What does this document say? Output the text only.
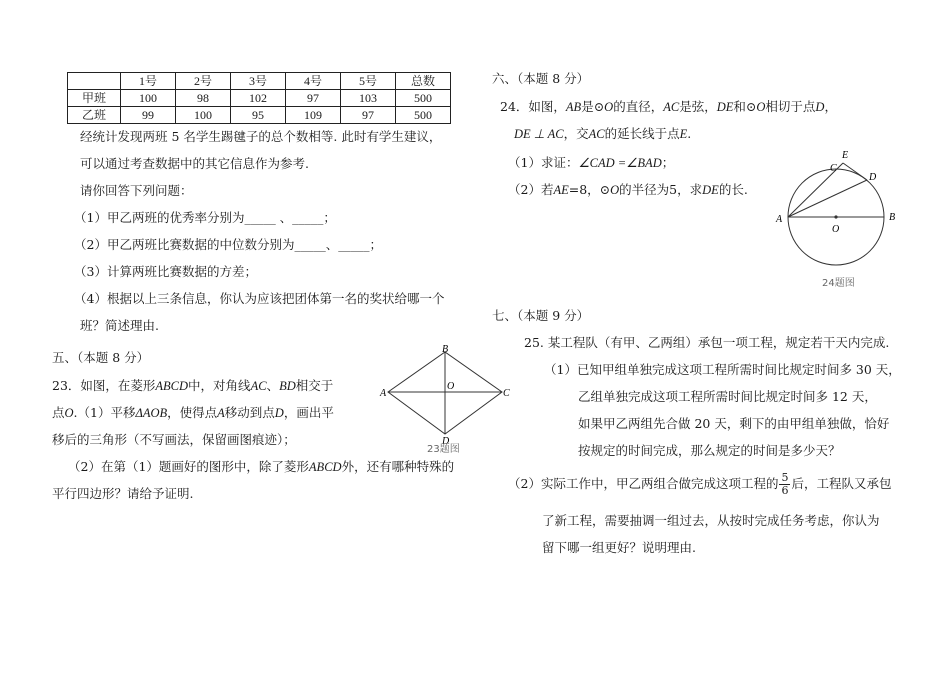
	1号	2号	3号	4号	5号	总数
甲班	100	98	102	97	103	500
乙班	99	100	95	109	97	500
经统计发现两班 5 名学生踢毽子的总个数相等. 此时有学生建议，
可以通过考查数据中的其它信息作为参考.
请你回答下列问题：
（1）甲乙两班的优秀率分别为_____ 、_____；
（2）甲乙两班比赛数据的中位数分别为_____、_____；
（3）计算两班比赛数据的方差；
（4）根据以上三条信息，你认为应该把团体第一名的奖状给哪一个
班？简述理由.
五、（本题 8 分）
23．如图，在菱形ABCD中，对角线AC、BD相交于
点O.（1）平移ΔAOB，使得点A移动到点D，画出平
移后的三角形（不写画法，保留画图痕迹）；
（2）在第（1）题画好的图形中，除了菱形ABCD外，还有哪种特殊的
平行四边形？请给予证明.
A
B
C
D
O
23题图
六、（本题 8 分）
24．如图，AB是⊙O的直径，AC是弦，DE和⊙O相切于点D，
DE ⊥ AC，交AC的延长线于点E.
（1）求证：∠CAD =∠BAD；
（2）若AE=8，⊙O的半径为5，求DE的长.
A	B
C
D
E
O
24题图
七、（本题 9 分）
25. 某工程队（有甲、乙两组）承包一项工程，规定若干天内完成.
（1）已知甲组单独完成这项工程所需时间比规定时间多 30 天，
乙组单独完成这项工程所需时间比规定时间多 12 天，
如果甲乙两组先合做 20 天，剩下的由甲组单独做，恰好
按规定的时间完成，那么规定的时间是多少天？
（2）实际工作中，甲乙两组合做完成这项工程的 $\frac{5}{6}$ 后，工程队又承包
了新工程，需要抽调一组过去，从按时完成任务考虑，你认为
留下哪一组更好？说明理由.
